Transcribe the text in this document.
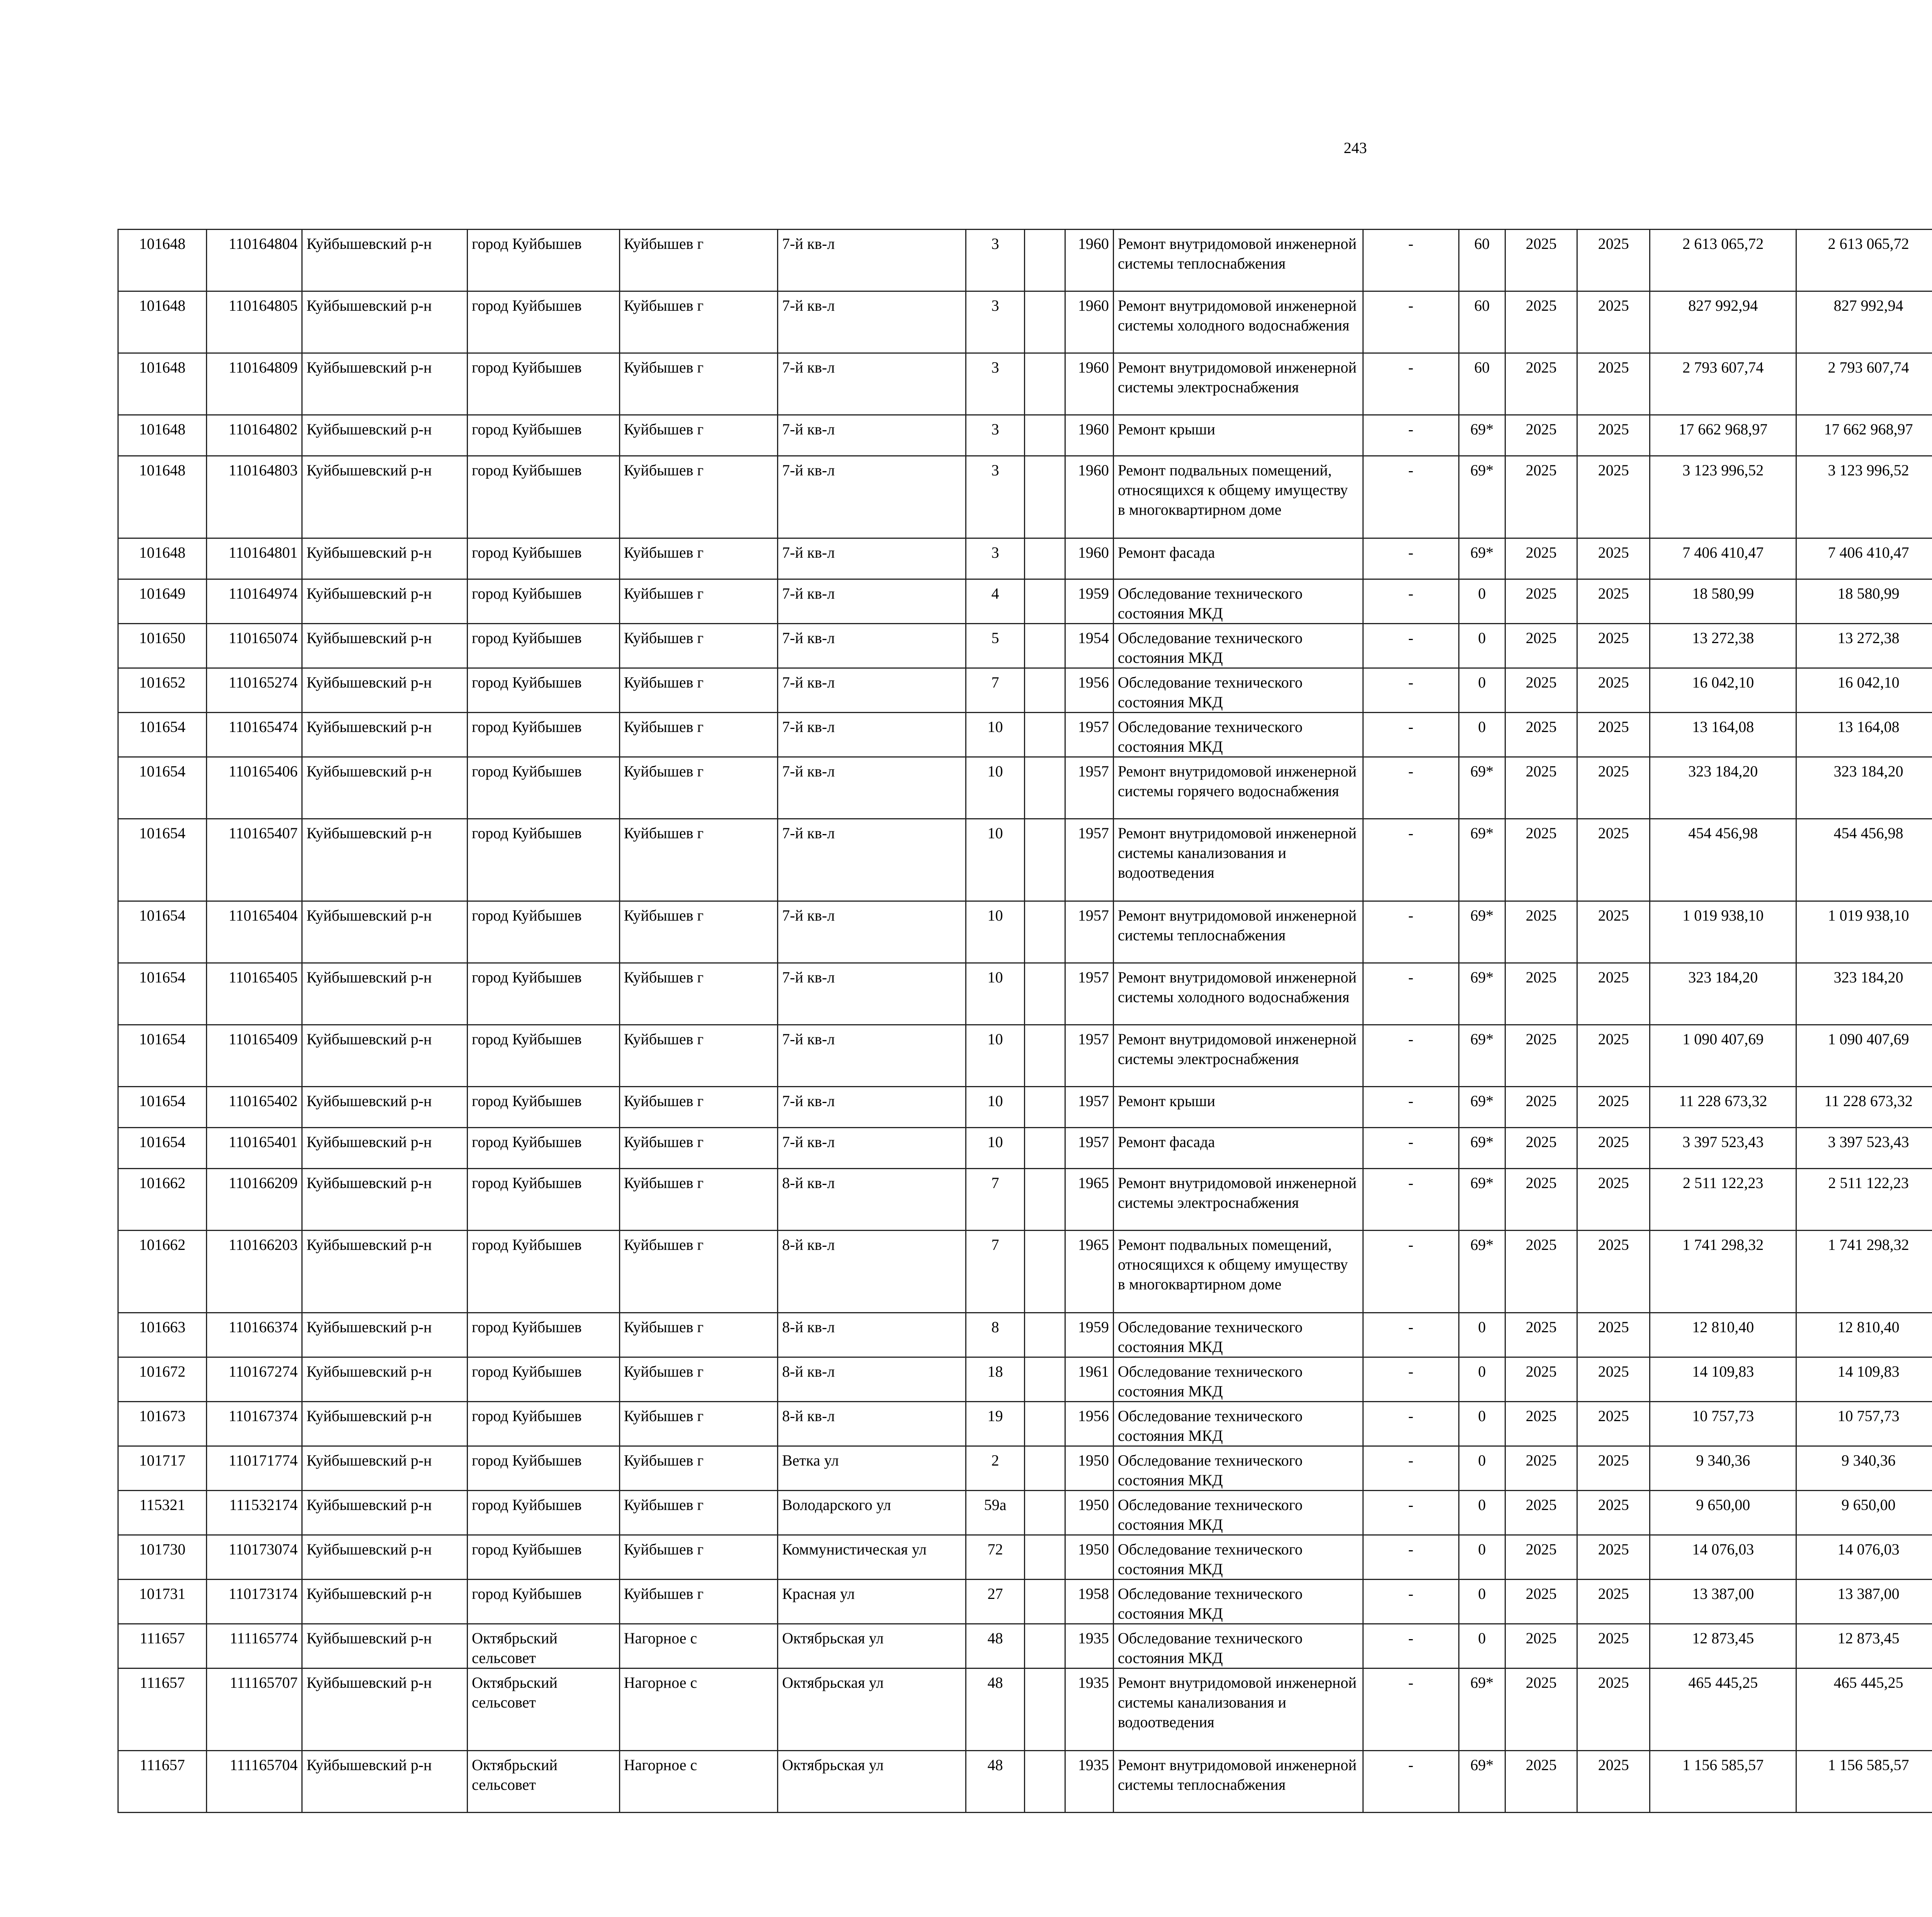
243
101648	110164804	Куйбышевский р-н	город Куйбышев	Куйбышев г	7-й кв-л	3		1960	Ремонт внутридомовой инженерной системы теплоснабжения	-	60	2025	2025	2 613 065,72	2 613 065,72						
101648	110164805	Куйбышевский р-н	город Куйбышев	Куйбышев г	7-й кв-л	3		1960	Ремонт внутридомовой инженерной системы холодного водоснабжения	-	60	2025	2025	827 992,94	827 992,94						
101648	110164809	Куйбышевский р-н	город Куйбышев	Куйбышев г	7-й кв-л	3		1960	Ремонт внутридомовой инженерной системы электроснабжения	-	60	2025	2025	2 793 607,74	2 793 607,74						
101648	110164802	Куйбышевский р-н	город Куйбышев	Куйбышев г	7-й кв-л	3		1960	Ремонт крыши	-	69*	2025	2025	17 662 968,97	17 662 968,97						
101648	110164803	Куйбышевский р-н	город Куйбышев	Куйбышев г	7-й кв-л	3		1960	Ремонт подвальных помещений, относящихся к общему имуществу в многоквартирном доме	-	69*	2025	2025	3 123 996,52	3 123 996,52						
101648	110164801	Куйбышевский р-н	город Куйбышев	Куйбышев г	7-й кв-л	3		1960	Ремонт фасада	-	69*	2025	2025	7 406 410,47	7 406 410,47						
101649	110164974	Куйбышевский р-н	город Куйбышев	Куйбышев г	7-й кв-л	4		1959	Обследование технического состояния МКД	-	0	2025	2025	18 580,99	18 580,99						
101650	110165074	Куйбышевский р-н	город Куйбышев	Куйбышев г	7-й кв-л	5		1954	Обследование технического состояния МКД	-	0	2025	2025	13 272,38	13 272,38						
101652	110165274	Куйбышевский р-н	город Куйбышев	Куйбышев г	7-й кв-л	7		1956	Обследование технического состояния МКД	-	0	2025	2025	16 042,10	16 042,10						
101654	110165474	Куйбышевский р-н	город Куйбышев	Куйбышев г	7-й кв-л	10		1957	Обследование технического состояния МКД	-	0	2025	2025	13 164,08	13 164,08						
101654	110165406	Куйбышевский р-н	город Куйбышев	Куйбышев г	7-й кв-л	10		1957	Ремонт внутридомовой инженерной системы горячего водоснабжения	-	69*	2025	2025	323 184,20	323 184,20						
101654	110165407	Куйбышевский р-н	город Куйбышев	Куйбышев г	7-й кв-л	10		1957	Ремонт внутридомовой инженерной системы канализования и водоотведения	-	69*	2025	2025	454 456,98	454 456,98						
101654	110165404	Куйбышевский р-н	город Куйбышев	Куйбышев г	7-й кв-л	10		1957	Ремонт внутридомовой инженерной системы теплоснабжения	-	69*	2025	2025	1 019 938,10	1 019 938,10						
101654	110165405	Куйбышевский р-н	город Куйбышев	Куйбышев г	7-й кв-л	10		1957	Ремонт внутридомовой инженерной системы холодного водоснабжения	-	69*	2025	2025	323 184,20	323 184,20						
101654	110165409	Куйбышевский р-н	город Куйбышев	Куйбышев г	7-й кв-л	10		1957	Ремонт внутридомовой инженерной системы электроснабжения	-	69*	2025	2025	1 090 407,69	1 090 407,69						
101654	110165402	Куйбышевский р-н	город Куйбышев	Куйбышев г	7-й кв-л	10		1957	Ремонт крыши	-	69*	2025	2025	11 228 673,32	11 228 673,32						
101654	110165401	Куйбышевский р-н	город Куйбышев	Куйбышев г	7-й кв-л	10		1957	Ремонт фасада	-	69*	2025	2025	3 397 523,43	3 397 523,43						
101662	110166209	Куйбышевский р-н	город Куйбышев	Куйбышев г	8-й кв-л	7		1965	Ремонт внутридомовой инженерной системы электроснабжения	-	69*	2025	2025	2 511 122,23	2 511 122,23						
101662	110166203	Куйбышевский р-н	город Куйбышев	Куйбышев г	8-й кв-л	7		1965	Ремонт подвальных помещений, относящихся к общему имуществу в многоквартирном доме	-	69*	2025	2025	1 741 298,32	1 741 298,32						
101663	110166374	Куйбышевский р-н	город Куйбышев	Куйбышев г	8-й кв-л	8		1959	Обследование технического состояния МКД	-	0	2025	2025	12 810,40	12 810,40						
101672	110167274	Куйбышевский р-н	город Куйбышев	Куйбышев г	8-й кв-л	18		1961	Обследование технического состояния МКД	-	0	2025	2025	14 109,83	14 109,83						
101673	110167374	Куйбышевский р-н	город Куйбышев	Куйбышев г	8-й кв-л	19		1956	Обследование технического состояния МКД	-	0	2025	2025	10 757,73	10 757,73						
101717	110171774	Куйбышевский р-н	город Куйбышев	Куйбышев г	Ветка ул	2		1950	Обследование технического состояния МКД	-	0	2025	2025	9 340,36	9 340,36						
115321	111532174	Куйбышевский р-н	город Куйбышев	Куйбышев г	Володарского ул	59а		1950	Обследование технического состояния МКД	-	0	2025	2025	9 650,00	9 650,00						
101730	110173074	Куйбышевский р-н	город Куйбышев	Куйбышев г	Коммунистическая ул	72		1950	Обследование технического состояния МКД	-	0	2025	2025	14 076,03	14 076,03						
101731	110173174	Куйбышевский р-н	город Куйбышев	Куйбышев г	Красная ул	27		1958	Обследование технического состояния МКД	-	0	2025	2025	13 387,00	13 387,00						
111657	111165774	Куйбышевский р-н	Октябрьский сельсовет	Нагорное с	Октябрьская ул	48		1935	Обследование технического состояния МКД	-	0	2025	2025	12 873,45	12 873,45						
111657	111165707	Куйбышевский р-н	Октябрьский сельсовет	Нагорное с	Октябрьская ул	48		1935	Ремонт внутридомовой инженерной системы канализования и водоотведения	-	69*	2025	2025	465 445,25	465 445,25						
111657	111165704	Куйбышевский р-н	Октябрьский сельсовет	Нагорное с	Октябрьская ул	48		1935	Ремонт внутридомовой инженерной системы теплоснабжения	-	69*	2025	2025	1 156 585,57	1 156 585,57						
